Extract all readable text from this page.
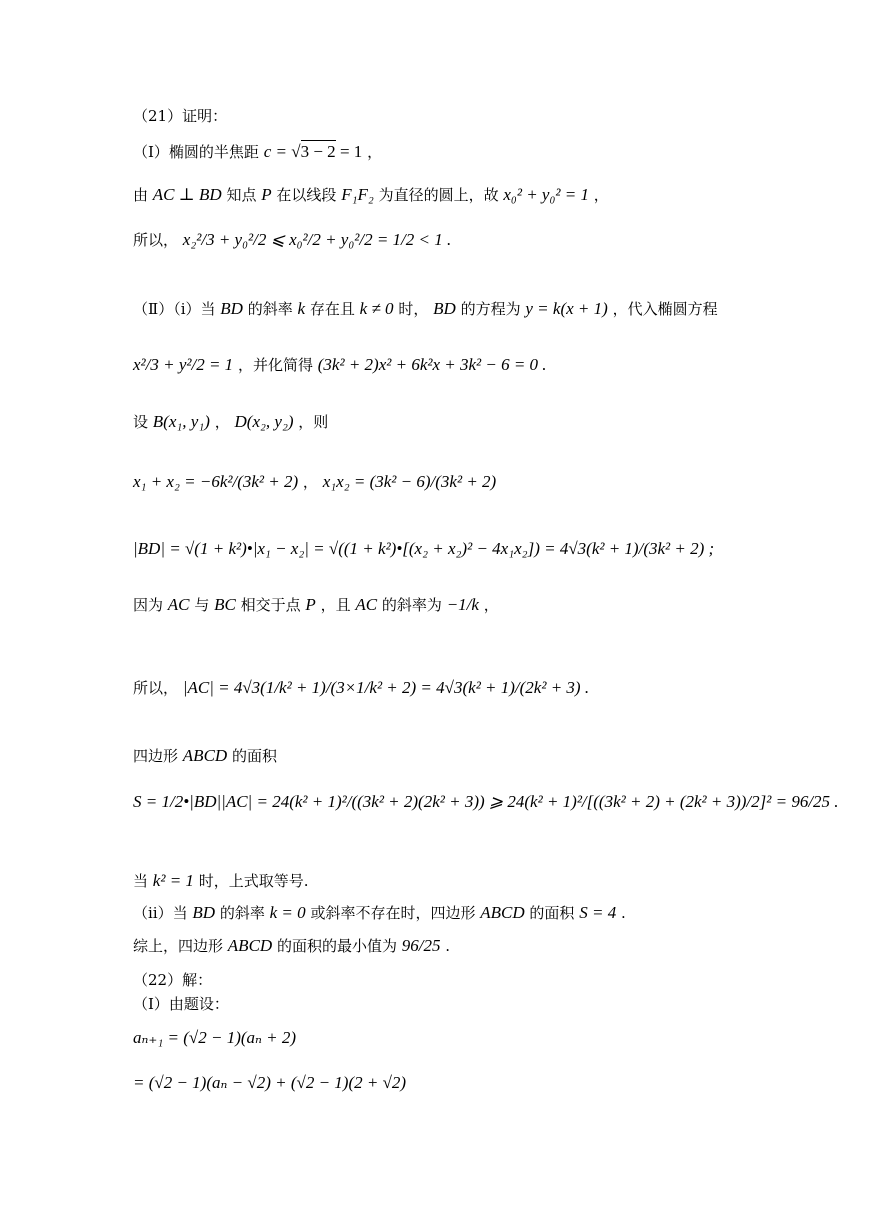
（21）证明：
（Ⅰ）椭圆的半焦距 c = √3 − 2 = 1 ，
由 AC ⊥ BD 知点 P 在以线段 F₁F₂ 为直径的圆上，故 x₀² + y₀² = 1 ，
所以， x₂²/3 + y₀²/2 ⩽ x₀²/2 + y₀²/2 = 1/2 < 1 .
（Ⅱ）（ⅰ）当 BD 的斜率 k 存在且 k ≠ 0 时， BD 的方程为 y = k(x + 1) ，代入椭圆方程
x²/3 + y²/2 = 1 ，并化简得 (3k² + 2)x² + 6k²x + 3k² − 6 = 0 .
设 B(x₁, y₁) ， D(x₂, y₂) ，则
x₁ + x₂ = −6k²/(3k² + 2) ， x₁x₂ = (3k² − 6)/(3k² + 2)
|BD| = √(1 + k²)•|x₁ − x₂| = √((1 + k²)•[(x₂ + x₂)² − 4x₁x₂]) = 4√3(k² + 1)/(3k² + 2) ;
因为 AC 与 BC 相交于点 P ，且 AC 的斜率为 −1/k ，
所以， |AC| = 4√3(1/k² + 1)/(3×1/k² + 2) = 4√3(k² + 1)/(2k² + 3) .
四边形 ABCD 的面积
S = 1/2•|BD||AC| = 24(k² + 1)²/((3k² + 2)(2k² + 3)) ⩾ 24(k² + 1)²/[((3k² + 2) + (2k² + 3))/2]² = 96/25 .
当 k² = 1 时，上式取等号.
（ⅱ）当 BD 的斜率 k = 0 或斜率不存在时，四边形 ABCD 的面积 S = 4 .
综上，四边形 ABCD 的面积的最小值为 96/25 .
（22）解：
（Ⅰ）由题设：
aₙ₊₁ = (√2 − 1)(aₙ + 2)
= (√2 − 1)(aₙ − √2) + (√2 − 1)(2 + √2)
